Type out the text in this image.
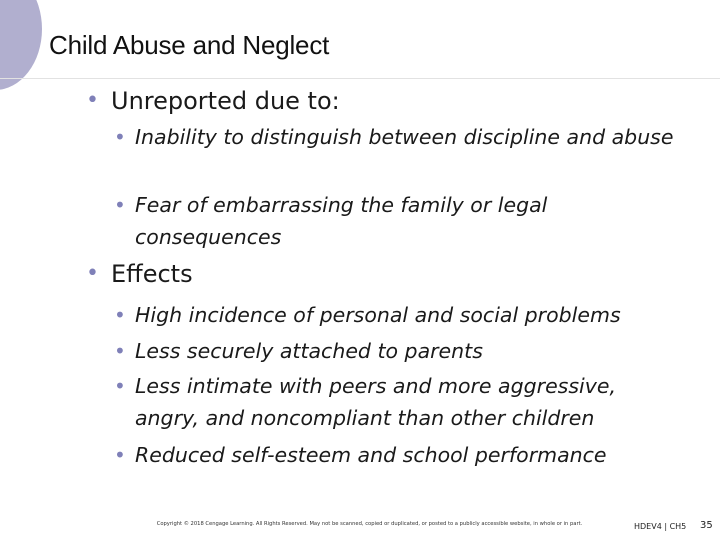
Child Abuse and Neglect
• Unreported due to:
• Inability to distinguish between discipline and abuse
• Fear of embarrassing the family or legal consequences
• Effects
• High incidence of personal and social problems
• Less securely attached to parents
• Less intimate with peers and more aggressive, angry, and noncompliant than other children
• Reduced self-esteem and school performance

Copyright © 2018 Cengage Learning. All Rights Reserved. May not be scanned, copied or duplicated, or posted to a publicly accessible website, in whole or in part.	HDEV4 | CH5 35
